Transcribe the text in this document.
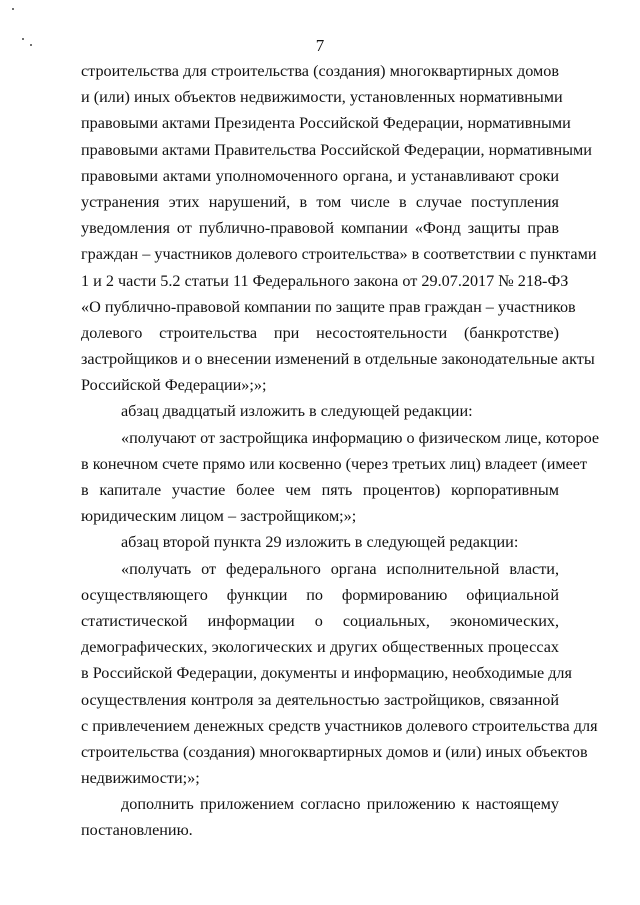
7
строительства для строительства (создания) многоквартирных домов
и (или) иных объектов недвижимости, установленных нормативными
правовыми актами Президента Российской Федерации, нормативными
правовыми актами Правительства Российской Федерации, нормативными
правовыми актами уполномоченного органа, и устанавливают сроки
устранения этих нарушений, в том числе в случае поступления
уведомления от публично-правовой компании «Фонд защиты прав
граждан – участников долевого строительства» в соответствии с пунктами
1 и 2 части 5.2 статьи 11 Федерального закона от 29.07.2017 № 218-ФЗ
«О публично-правовой компании по защите прав граждан – участников
долевого строительства при несостоятельности (банкротстве)
застройщиков и о внесении изменений в отдельные законодательные акты
Российской Федерации»;»;
абзац двадцатый изложить в следующей редакции:
«получают от застройщика информацию о физическом лице, которое
в конечном счете прямо или косвенно (через третьих лиц) владеет (имеет
в капитале участие более чем пять процентов) корпоративным
юридическим лицом – застройщиком;»;
абзац второй пункта 29 изложить в следующей редакции:
«получать от федерального органа исполнительной власти,
осуществляющего функции по формированию официальной
статистической информации о социальных, экономических,
демографических, экологических и других общественных процессах
в Российской Федерации, документы и информацию, необходимые для
осуществления контроля за деятельностью застройщиков, связанной
с привлечением денежных средств участников долевого строительства для
строительства (создания) многоквартирных домов и (или) иных объектов
недвижимости;»;
дополнить приложением согласно приложению к настоящему
постановлению.
